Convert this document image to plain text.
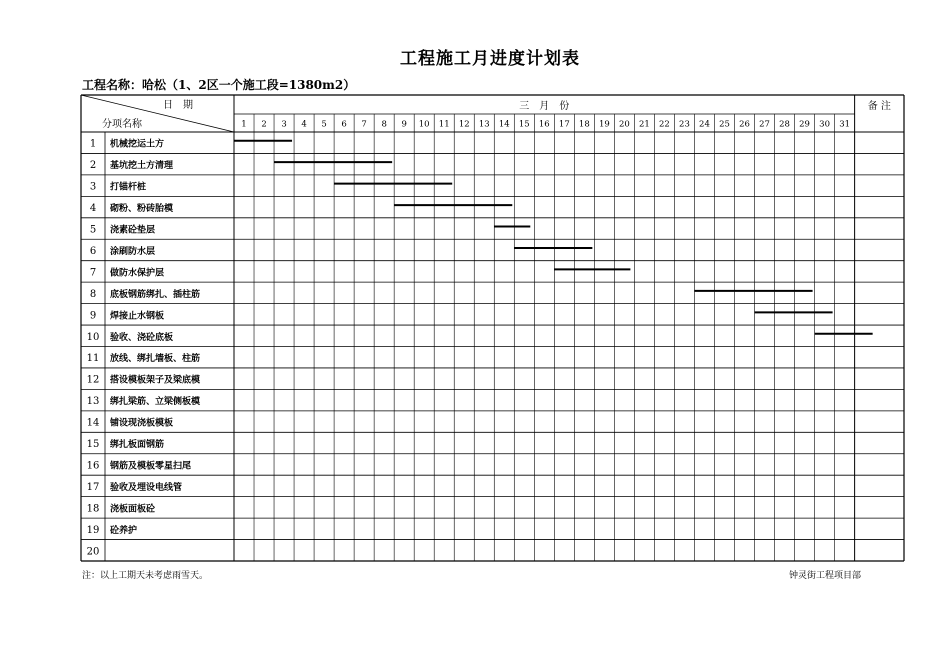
工程施工月进度计划表
工程名称：哈松（1、2区一个施工段=1380m2）
日　期
分项名称
三　月　份	备 注
1 2 3 4 5 6 7 8 9 10 11 12 13 14 15 16 17 18 19 20 21 22 23 24 25 26 27 28 29 30 31
1 机械挖运土方
2 基坑挖土方清理
3 打锚杆桩
4 砌粉、粉砖胎模
5 浇素砼垫层
6 涂刷防水层
7 做防水保护层
8 底板钢筋绑扎、插柱筋
9 焊接止水钢板
10 验收、浇砼底板
11 放线、绑扎墙板、柱筋
12 搭设模板架子及梁底模
13 绑扎梁筋、立梁侧板模
14 铺设现浇板模板
15 绑扎板面钢筋
16 钢筋及模板零星扫尾
17 验收及埋设电线管
18 浇板面板砼
19 砼养护
20
注：以上工期天未考虑雨雪天。	钟灵街工程项目部
